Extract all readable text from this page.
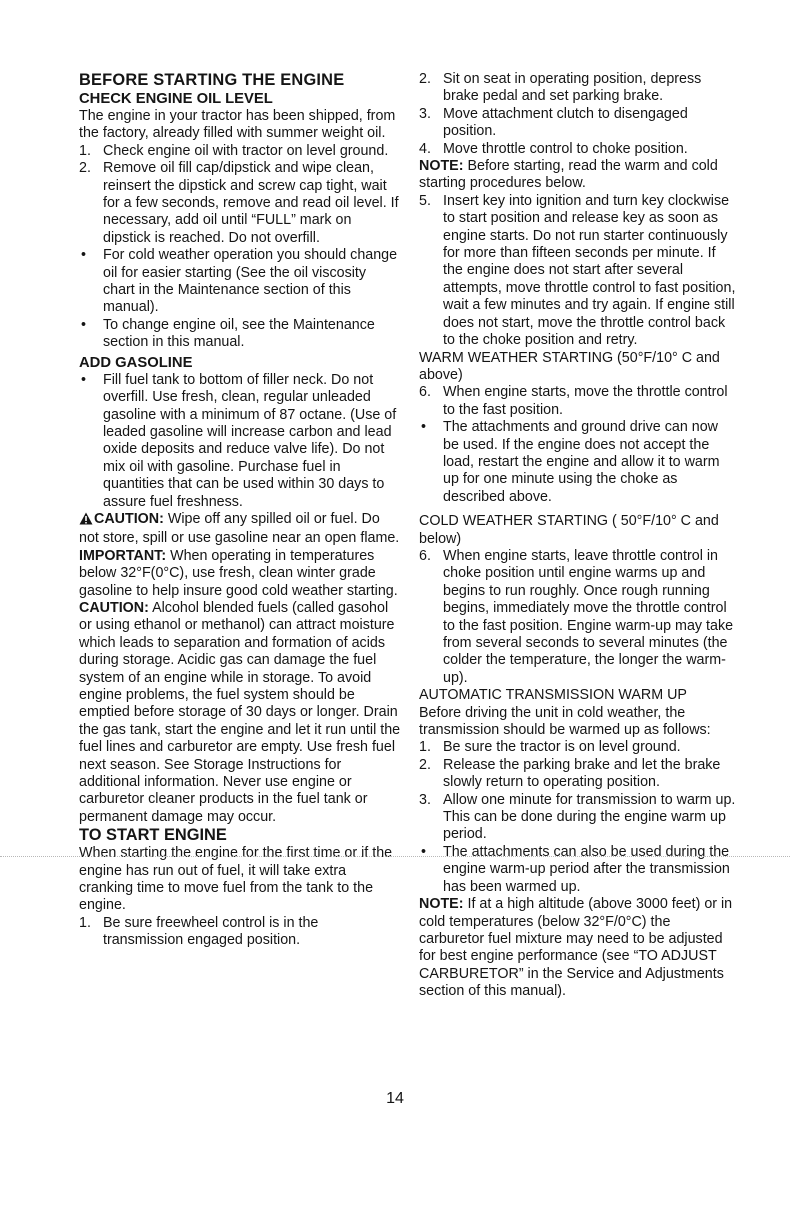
BEFORE STARTING THE ENGINE

CHECK ENGINE OIL LEVEL

The engine in your tractor has been shipped, from the factory, already filled with summer weight oil.

1. Check engine oil with tractor on level ground.

2. Remove oil fill cap/dipstick and wipe clean, reinsert the dipstick and screw cap tight, wait for a few seconds, remove and read oil level. If necessary, add oil until “FULL” mark on dipstick is reached. Do not overfill.

• For cold weather operation you should change oil for easier starting (See the oil viscosity chart in the Maintenance section of this manual).

• To change engine oil, see the Maintenance section in this manual.

ADD GASOLINE

• Fill fuel tank to bottom of filler neck. Do not overfill. Use fresh, clean, regular unleaded gasoline with a minimum of 87 octane. (Use of leaded gasoline will increase carbon and lead oxide deposits and reduce valve life). Do not mix oil with gasoline. Purchase fuel in quantities that can be used within 30 days to assure fuel freshness.

CAUTION: Wipe off any spilled oil or fuel. Do not store, spill or use gasoline near an open flame.

IMPORTANT: When operating in temperatures below 32°F(0°C), use fresh, clean winter grade gasoline to help insure good cold weather starting.

CAUTION: Alcohol blended fuels (called gasohol or using ethanol or methanol) can attract moisture which leads to separation and formation of acids during storage. Acidic gas can damage the fuel system of an engine while in storage. To avoid engine problems, the fuel system should be emptied before storage of 30 days or longer. Drain the gas tank, start the engine and let it run until the fuel lines and carburetor are empty. Use fresh fuel next season. See Storage Instructions for additional information. Never use engine or carburetor cleaner products in the fuel tank or permanent damage may occur.

TO START ENGINE

When starting the engine for the first time or if the engine has run out of fuel, it will take extra cranking time to move fuel from the tank to the engine.

1. Be sure freewheel control is in the transmission engaged position.

2. Sit on seat in operating position, depress brake pedal and set parking brake.

3. Move attachment clutch to disengaged position.

4. Move throttle control to choke position.

NOTE: Before starting, read the warm and cold starting procedures below.

5. Insert key into ignition and turn key clockwise to start position and release key as soon as engine starts. Do not run starter continuously for more than fifteen seconds per minute. If the engine does not start after several attempts, move throttle control to fast position, wait a few minutes and try again. If engine still does not start, move the throttle control back to the choke position and retry.

WARM WEATHER STARTING (50°F/10° C and above)

6. When engine starts, move the throttle control to the fast position.

• The attachments and ground drive can now be used. If the engine does not accept the load, restart the engine and allow it to warm up for one minute using the choke as described above.

COLD WEATHER STARTING ( 50°F/10° C and below)

6. When engine starts, leave throttle control in choke position until engine warms up and begins to run roughly. Once rough running begins, immediately move the throttle control to the fast position. Engine warm-up may take from several seconds to several minutes (the colder the temperature, the longer the warm-up).

AUTOMATIC TRANSMISSION WARM UP

Before driving the unit in cold weather, the transmission should be warmed up as follows:

1. Be sure the tractor is on level ground.

2. Release the parking brake and let the brake slowly return to operating position.

3. Allow one minute for transmission to warm up. This can be done during the engine warm up period.

• The attachments can also be used during the engine warm-up period after the transmission has been warmed up.

NOTE: If at a high altitude (above 3000 feet) or in cold temperatures (below 32°F/0°C) the carburetor fuel mixture may need to be adjusted for best engine performance (see “TO ADJUST CARBURETOR” in the Service and Adjustments section of this manual).

14
